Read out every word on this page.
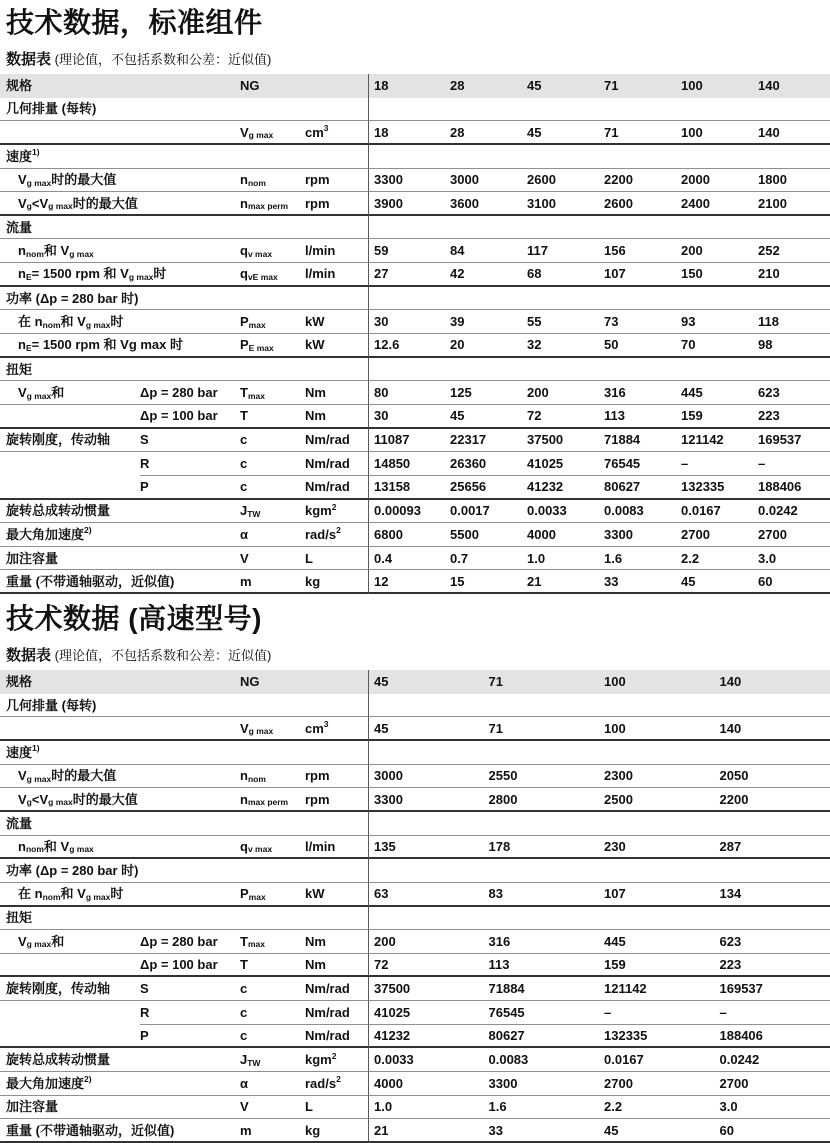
技术数据，标准组件
数据表 (理论值，不包括系数和公差：近似值)
规格	NG	18	28	45	71	100	140
几何排量 (每转)
$V_{g max}$ $cm^3$	18	28	45	71	100	140
速度 $^{1)}$
$V_{g max}$ 时的最大值	$n_{nom}$	rpm	3300	3000	2600	2200	2000	1800
$V_g <V_{g max}$ 时的最大值	$n_{max perm}$ rpm	3900	3600	3100	2600	2400	2100
流量
$n_{nom}$ 和 $V_{g max}$	$q_{v max}$	l/min	59	84	117	156	200	252
$n_E = 1500$ rpm 和 $V_{g max}$ 时	$q_{vE max}$ l/min	27	42	68	107	150	210
功率 (Δp = 280 bar 时)
在 $n_{nom}$ 和 $V_{g max}$ 时	$P_{max}$	kW	30	39	55	73	93	118
$n_E = 1500$ rpm 和 Vg max 时	$P_{E max}$ kW	12.6	20	32	50	70	98
扭矩
$V_{g max}$ 和	Δp = 280 bar	$T_{max}$	Nm	80	125	200	316	445	623
Δp = 100 bar	T	Nm	30	45	72	113	159	223
旋转刚度，传动轴	S	c	Nm/rad	11087	22317	37500	71884	121142	169537
R	c	Nm/rad	14850	26360	41025	76545	–	–
P	c	Nm/rad	13158	25656	41232	80627	132335	188406
旋转总成转动惯量	$J_{TW}$	kgm$^2$	0.00093	0.0017	0.0033	0.0083	0.0167	0.0242
最大角加速度 $^{2)}$	α	rad/$s^2$	6800	5500	4000	3300	2700	2700
加注容量	V	L	0.4	0.7	1.0	1.6	2.2	3.0
重量 (不带通轴驱动，近似值)	m	kg	12	15	21	33	45	60
技术数据 (高速型号)
数据表 (理论值，不包括系数和公差：近似值)
规格	NG	45	71	100	140
几何排量 (每转)
$V_{g max}$ $cm^3$	45	71	100	140
速度 $^{1)}$
$V_{g max}$ 时的最大值	$n_{nom}$	rpm	3000	2550	2300	2050
$V_g <V_{g max}$ 时的最大值	$n_{max perm}$ rpm	3300	2800	2500	2200
流量
$n_{nom}$ 和 $V_{g max}$	$q_{v max}$	l/min	135	178	230	287
功率 (Δp = 280 bar 时)
在 $n_{nom}$ 和 $V_{g max}$ 时	$P_{max}$	kW	63	83	107	134
扭矩
$V_{g max}$ 和	Δp = 280 bar	$T_{max}$	Nm	200	316	445	623
Δp = 100 bar	T	Nm	72	113	159	223
旋转刚度，传动轴	S	c	Nm/rad	37500	71884	121142	169537
R	c	Nm/rad	41025	76545	–	–
P	c	Nm/rad	41232	80627	132335	188406
旋转总成转动惯量	$J_{TW}$	kgm$^2$	0.0033	0.0083	0.0167	0.0242
最大角加速度 $^{2)}$	α	rad/$s^2$	4000	3300	2700	2700
加注容量	V	L	1.0	1.6	2.2	3.0
重量 (不带通轴驱动，近似值)	m	kg	21	33	45	60
